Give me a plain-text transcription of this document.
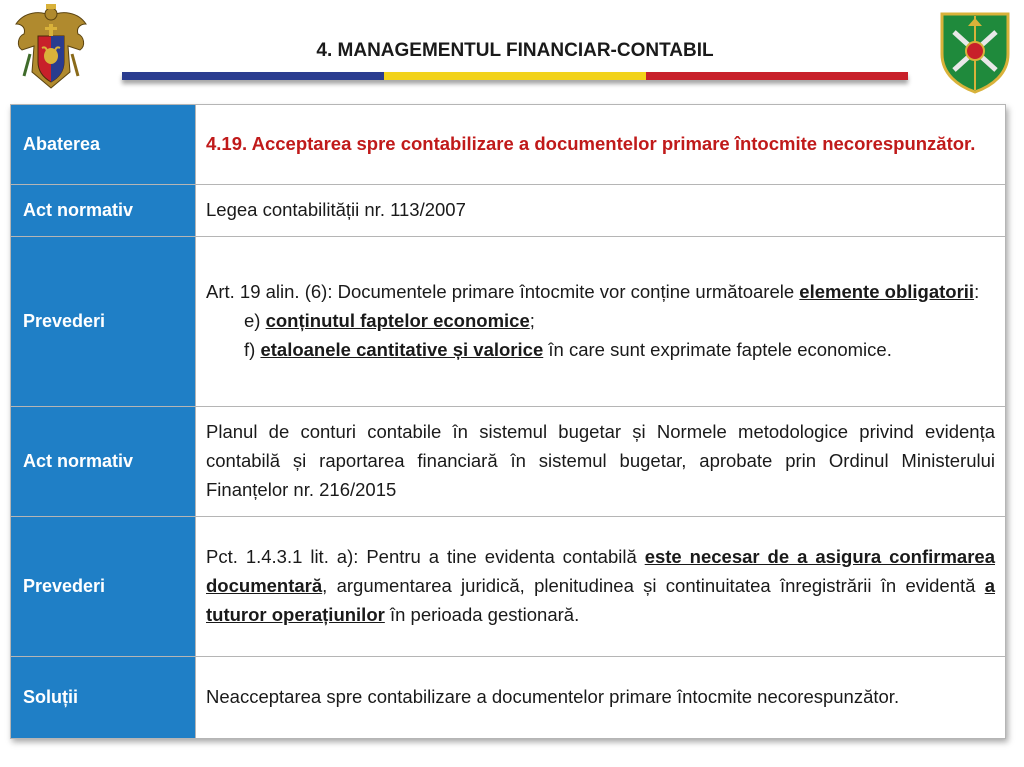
4. MANAGEMENTUL FINANCIAR-CONTABIL
Abaterea	4.19. Acceptarea spre contabilizare a documentelor primare întocmite necorespunzător.
Act normativ	Legea contabilității nr. 113/2007
Prevederi	Art. 19 alin. (6): Documentele primare întocmite vor conține următoarele elemente obligatorii:
e) conținutul faptelor economice;
f) etaloanele cantitative și valorice în care sunt exprimate faptele economice.

Act normativ	Planul de conturi contabile în sistemul bugetar și Normele metodologice privind evidența contabilă și raportarea financiară în sistemul bugetar, aprobate prin Ordinul Ministerului Finanțelor nr. 216/2015
Prevederi	Pct. 1.4.3.1 lit. a): Pentru a tine evidenta contabilă este necesar de a asigura confirmarea documentară, argumentarea juridică, plenitudinea și continuitatea înregistrării în evidentă a tuturor operațiunilor în perioada gestionară.
Soluții	Neacceptarea spre contabilizare a documentelor primare întocmite necorespunzător.
